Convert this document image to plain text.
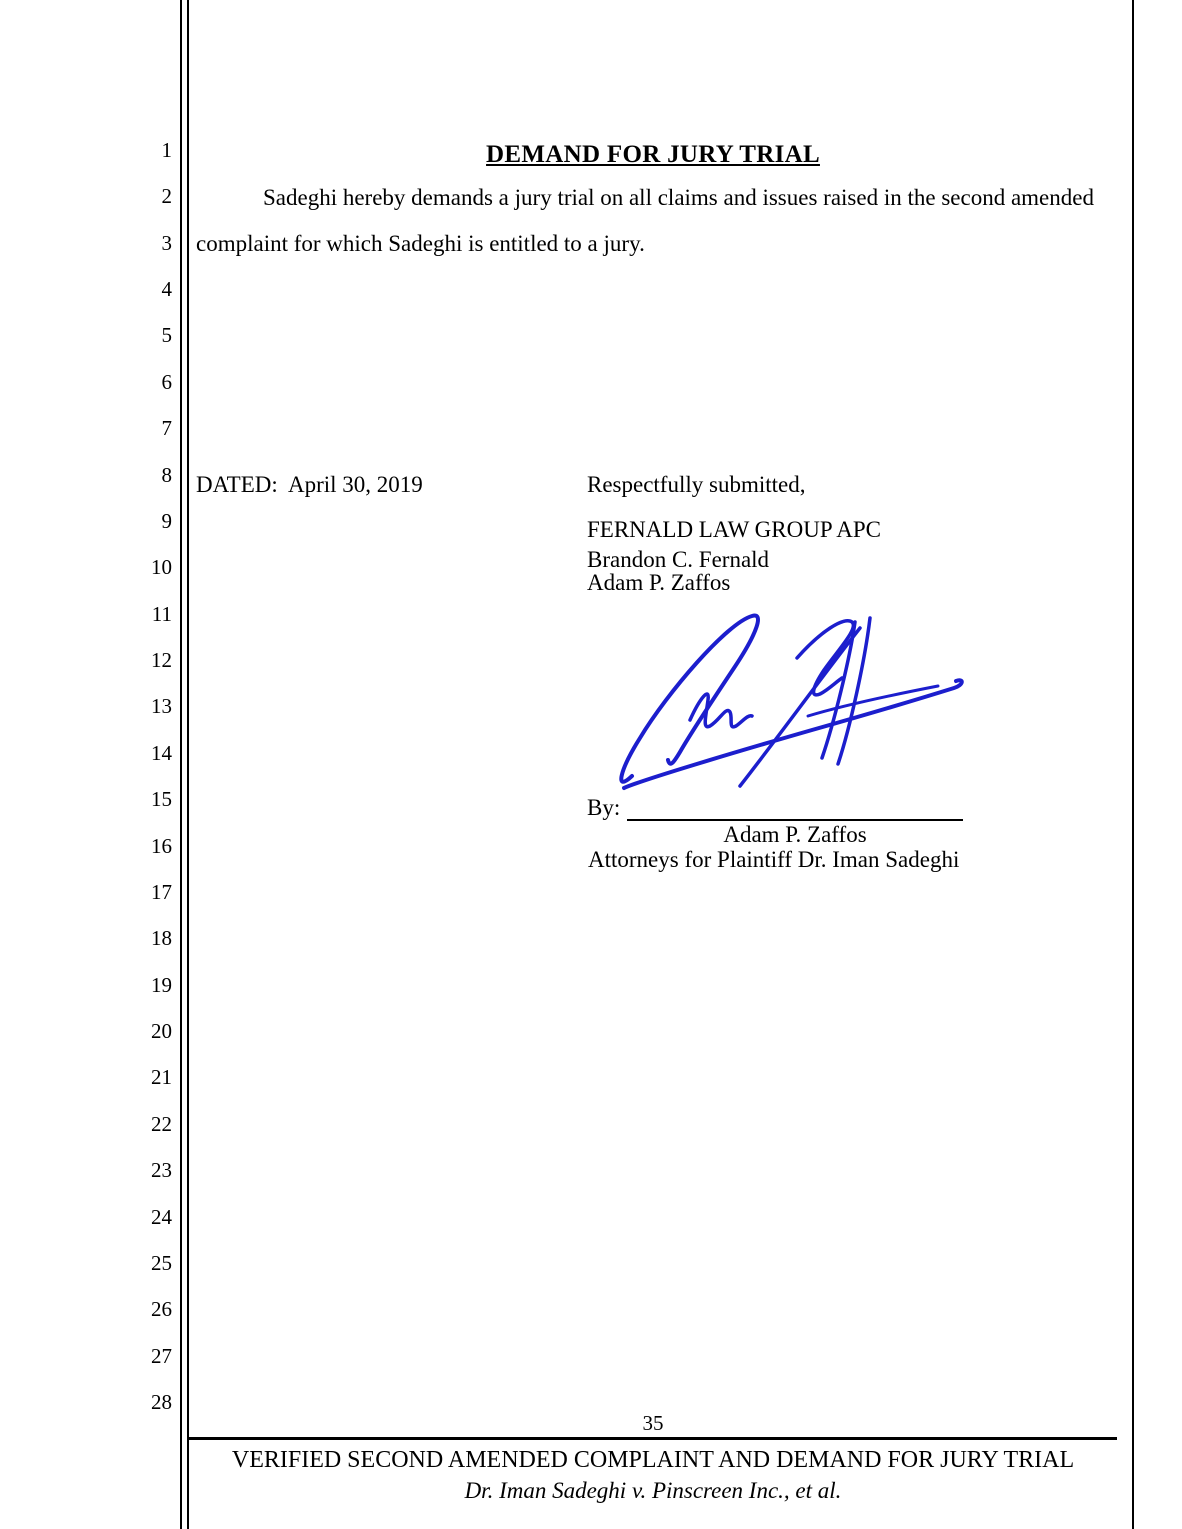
1
2
3
4
5
6
7
8
9
10
11
12
13
14
15
16
17
18
19
20
21
22
23
24
25
26
27
28
DEMAND FOR JURY TRIAL
Sadeghi hereby demands a jury trial on all claims and issues raised in the second amended
complaint for which Sadeghi is entitled to a jury.
DATED:  April 30, 2019	Respectfully submitted,
FERNALD LAW GROUP APC
Brandon C. Fernald
Adam P. Zaffos
By:
Adam P. Zaffos
Attorneys for Plaintiff Dr. Iman Sadeghi
35
VERIFIED SECOND AMENDED COMPLAINT AND DEMAND FOR JURY TRIAL
Dr. Iman Sadeghi v. Pinscreen Inc., et al.
